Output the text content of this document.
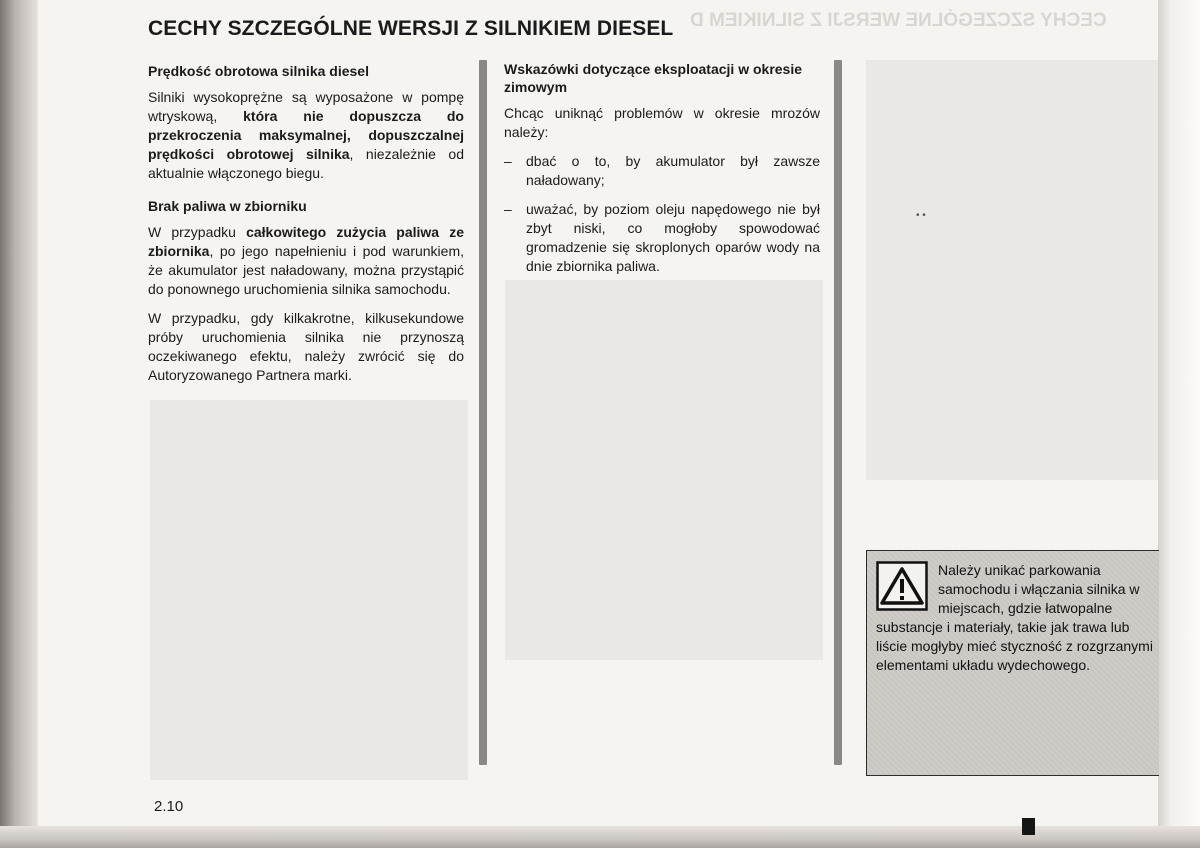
CECHY SZCZEGÓLNE WERSJI Z SILNIKIEM D
CECHY SZCZEGÓLNE WERSJI Z SILNIKIEM DIESEL
Prędkość obrotowa silnika diesel

Silniki wysokoprężne są wyposażone w pompę wtryskową, która nie dopuszcza do przekroczenia maksymalnej, dopuszczalnej prędkości obrotowej silnika, niezależnie od aktualnie włączonego biegu.

Brak paliwa w zbiorniku

W przypadku całkowitego zużycia paliwa ze zbiornika, po jego napełnieniu i pod warunkiem, że akumulator jest naładowany, można przystąpić do ponownego uruchomienia silnika samochodu.

W przypadku, gdy kilkakrotne, kilkusekundowe próby uruchomienia silnika nie przynoszą oczekiwanego efektu, należy zwrócić się do Autoryzowanego Partnera marki.

Wskazówki dotyczące eksploatacji w okresie zimowym

Chcąc uniknąć problemów w okresie mrozów należy:

– dbać o to, by akumulator był zawsze naładowany;
– uważać, by poziom oleju napędowego nie był zbyt niski, co mogłoby spowodować gromadzenie się skroplonych oparów wody na dnie zbiornika paliwa.
• •
Należy unikać parkowania samochodu i włączania silnika w miejscach, gdzie łatwopalne substancje i materiały, takie jak trawa lub liście mogłyby mieć styczność z rozgrzanymi elementami układu wydechowego.
2.10
